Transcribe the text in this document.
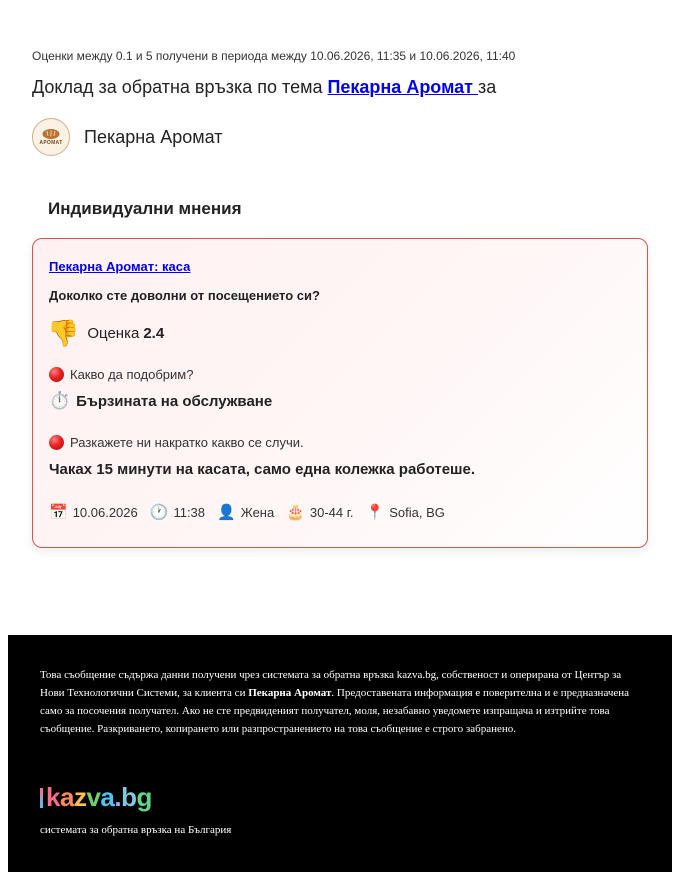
Оценки между 0.1 и 5 получени в периода между 10.06.2026, 11:35 и 10.06.2026, 11:40
Доклад за обратна връзка по тема Пекарна Аромат за
АРОМАТ Пекарна Аромат
Индивидуални мнения
Пекарна Аромат: каса
Доколко сте доволни от посещението си?
👎 Оценка 2.4
Какво да подобрим?
⏱️ Бързината на обслужване
Разкажете ни накратко какво се случи.
Чаках 15 минути на касата, само една колежка работеше.
📅 10.06.2026 🕐 11:38 👤 Жена 🎂 30-44 г. 📍 Sofia, BG
Това съобщение съдържа данни получени чрез системата за обратна връзка kazva.bg, собственост и оперирана от Център за Нови Технологични Системи, за клиента си Пекарна Аромат. Предоставената информация е поверителна и е предназначена само за посочения получател. Ако не сте предвиденият получател, моля, незабавно уведомете изпращача и изтрийте това съобщение. Разкриването, копирането или разпространението на това съобщение е строго забранено.
kazva.bg
системата за обратна връзка на България
